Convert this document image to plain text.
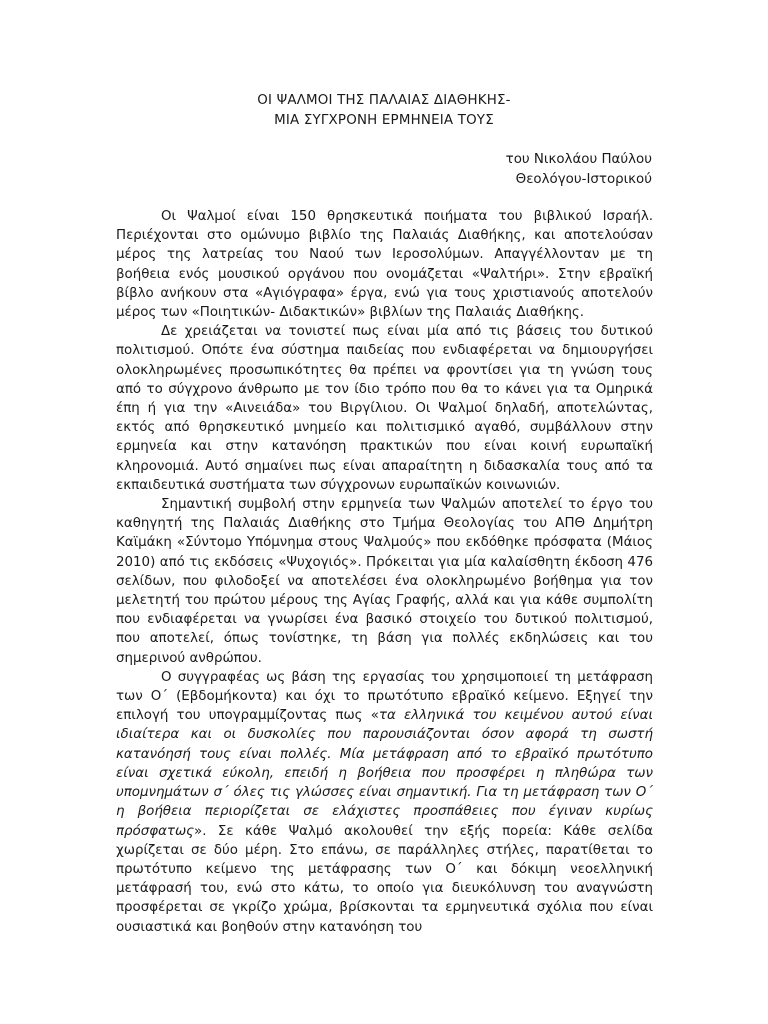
ΟΙ ΨΑΛΜΟΙ ΤΗΣ ΠΑΛΑΙΑΣ ΔΙΑΘΗΚΗΣ-
ΜΙΑ ΣΥΓΧΡΟΝΗ ΕΡΜΗΝΕΙΑ ΤΟΥΣ
του Νικολάου Παύλου
Θεολόγου-Ιστορικού

Οι Ψαλμοί είναι 150 θρησκευτικά ποιήματα του βιβλικού Ισραήλ. Περιέχονται στο ομώνυμο βιβλίο της Παλαιάς Διαθήκης, και αποτελούσαν μέρος της λατρείας του Ναού των Ιεροσολύμων. Απαγγέλλονταν με τη βοήθεια ενός μουσικού οργάνου που ονομάζεται «Ψαλτήρι». Στην εβραϊκή βίβλο ανήκουν στα «Αγιόγραφα» έργα, ενώ για τους χριστιανούς αποτελούν μέρος των «Ποιητικών- Διδακτικών» βιβλίων της Παλαιάς Διαθήκης.

Δε χρειάζεται να τονιστεί πως είναι μία από τις βάσεις του δυτικού πολιτισμού. Οπότε ένα σύστημα παιδείας που ενδιαφέρεται να δημιουργήσει ολοκληρωμένες προσωπικότητες θα πρέπει να φροντίσει για τη γνώση τους από το σύγχρονο άνθρωπο με τον ίδιο τρόπο που θα το κάνει για τα Ομηρικά έπη ή για την «Αινειάδα» του Βιργίλιου. Οι Ψαλμοί δηλαδή, αποτελώντας, εκτός από θρησκευτικό μνημείο και πολιτισμικό αγαθό, συμβάλλουν στην ερμηνεία και στην κατανόηση πρακτικών που είναι κοινή ευρωπαϊκή κληρονομιά. Αυτό σημαίνει πως είναι απαραίτητη η διδασκαλία τους από τα εκπαιδευτικά συστήματα των σύγχρονων ευρωπαϊκών κοινωνιών.

Σημαντική συμβολή στην ερμηνεία των Ψαλμών αποτελεί το έργο του καθηγητή της Παλαιάς Διαθήκης στο Τμήμα Θεολογίας του ΑΠΘ Δημήτρη Καϊμάκη «Σύντομο Υπόμνημα στους Ψαλμούς» που εκδόθηκε πρόσφατα (Μάιος 2010) από τις εκδόσεις «Ψυχογιός». Πρόκειται για μία καλαίσθητη έκδοση 476 σελίδων, που φιλοδοξεί να αποτελέσει ένα ολοκληρωμένο βοήθημα για τον μελετητή του πρώτου μέρους της Αγίας Γραφής, αλλά και για κάθε συμπολίτη που ενδιαφέρεται να γνωρίσει ένα βασικό στοιχείο του δυτικού πολιτισμού, που αποτελεί, όπως τονίστηκε, τη βάση για πολλές εκδηλώσεις και του σημερινού ανθρώπου.

Ο συγγραφέας ως βάση της εργασίας του χρησιμοποιεί τη μετάφραση των Ο΄ (Εβδομήκοντα) και όχι το πρωτότυπο εβραϊκό κείμενο. Εξηγεί την επιλογή του υπογραμμίζοντας πως «τα ελληνικά του κειμένου αυτού είναι ιδιαίτερα και οι δυσκολίες που παρουσιάζονται όσον αφορά τη σωστή κατανόησή τους είναι πολλές. Μία μετάφραση από το εβραϊκό πρωτότυπο είναι σχετικά εύκολη, επειδή η βοήθεια που προσφέρει η πληθώρα των υπομνημάτων σ΄ όλες τις γλώσσες είναι σημαντική. Για τη μετάφραση των Ο΄ η βοήθεια περιορίζεται σε ελάχιστες προσπάθειες που έγιναν κυρίως πρόσφατως». Σε κάθε Ψαλμό ακολουθεί την εξής πορεία: Κάθε σελίδα χωρίζεται σε δύο μέρη. Στο επάνω, σε παράλληλες στήλες, παρατίθεται το πρωτότυπο κείμενο της μετάφρασης των Ο΄ και δόκιμη νεοελληνική μετάφρασή του, ενώ στο κάτω, το οποίο για διευκόλυνση του αναγνώστη προσφέρεται σε γκρίζο χρώμα, βρίσκονται τα ερμηνευτικά σχόλια που είναι ουσιαστικά και βοηθούν στην κατανόηση του
